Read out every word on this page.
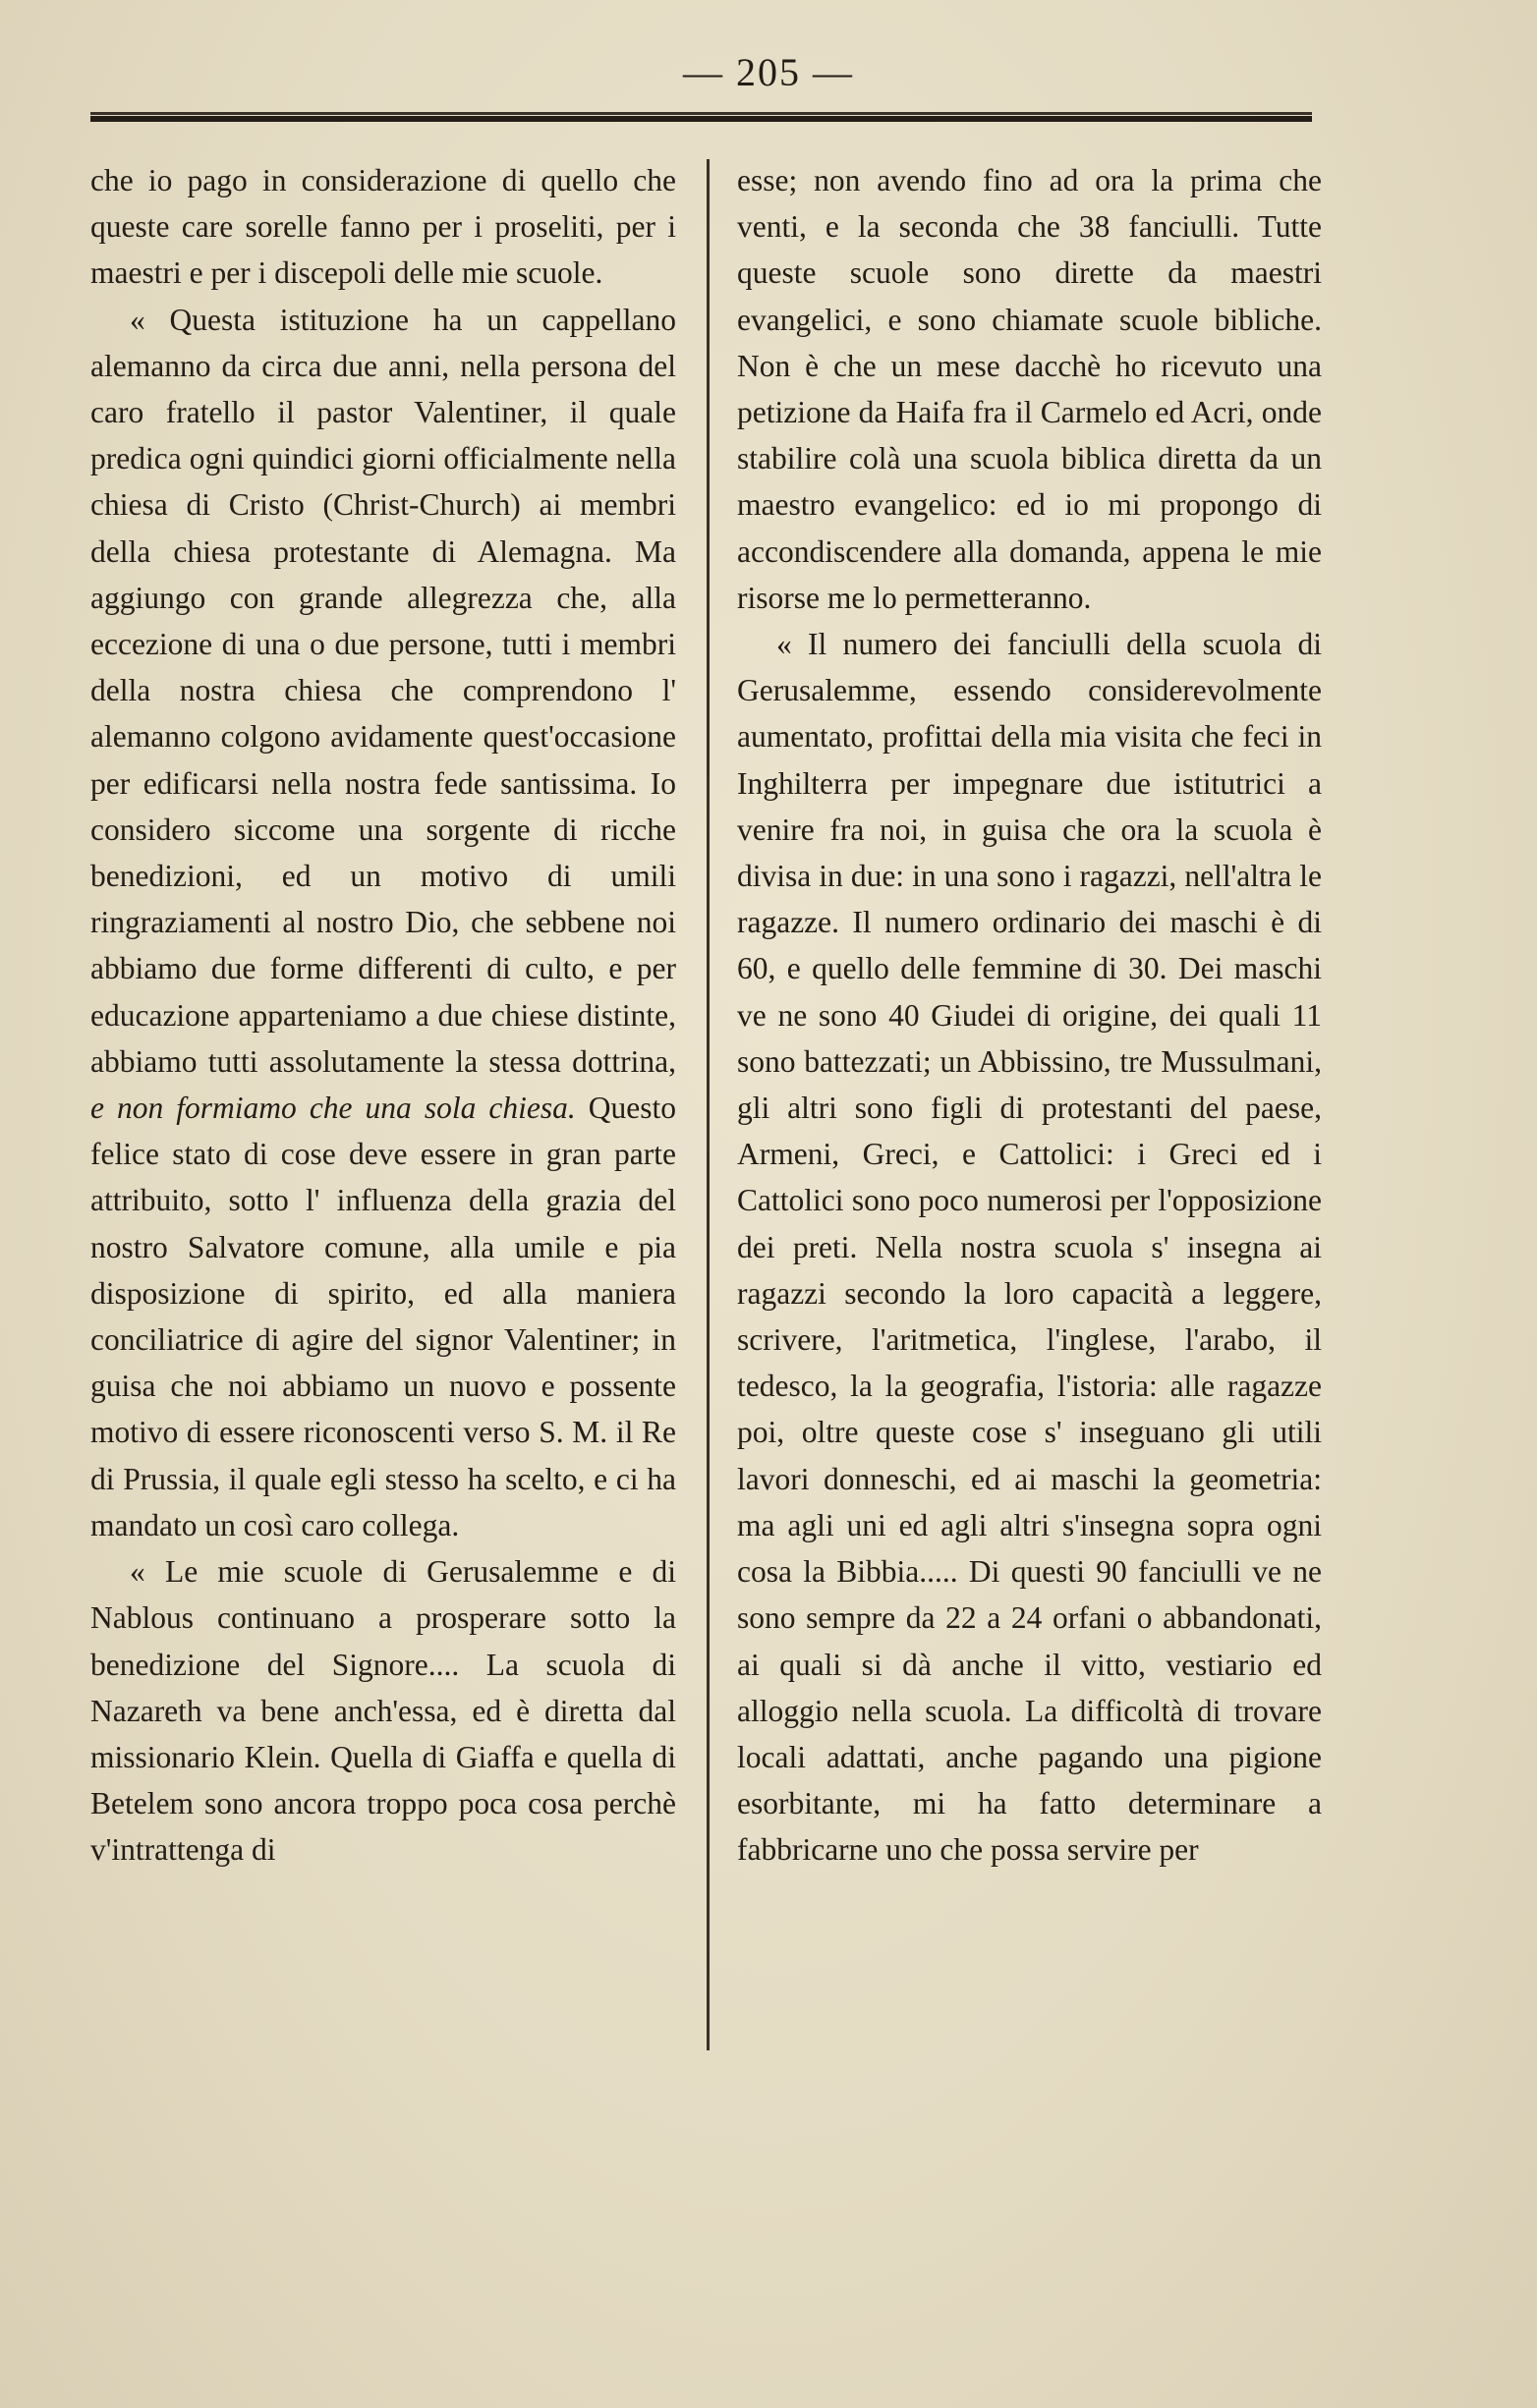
— 205 —

che io pago in considerazione di quello che queste care sorelle fanno per i proseliti, per i maestri e per i discepoli delle mie scuole.

« Questa istituzione ha un cappellano alemanno da circa due anni, nella persona del caro fratello il pastor Valentiner, il quale predica ogni quindici giorni officialmente nella chiesa di Cristo (Christ-Church) ai membri della chiesa protestante di Alemagna. Ma aggiungo con grande allegrezza che, alla eccezione di una o due persone, tutti i membri della nostra chiesa che comprendono l' alemanno colgono avidamente quest'occasione per edificarsi nella nostra fede santissima. Io considero siccome una sorgente di ricche benedizioni, ed un motivo di umili ringraziamenti al nostro Dio, che sebbene noi abbiamo due forme differenti di culto, e per educazione apparteniamo a due chiese distinte, abbiamo tutti assolutamente la stessa dottrina, e non formiamo che una sola chiesa. Questo felice stato di cose deve essere in gran parte attribuito, sotto l' influenza della grazia del nostro Salvatore comune, alla umile e pia disposizione di spirito, ed alla maniera conciliatrice di agire del signor Valentiner; in guisa che noi abbiamo un nuovo e possente motivo di essere riconoscenti verso S. M. il Re di Prussia, il quale egli stesso ha scelto, e ci ha mandato un così caro collega.

« Le mie scuole di Gerusalemme e di Nablous continuano a prosperare sotto la benedizione del Signore.... La scuola di Nazareth va bene anch'essa, ed è diretta dal missionario Klein. Quella di Giaffa e quella di Betelem sono ancora troppo poca cosa perchè v'intrattenga di

esse; non avendo fino ad ora la prima che venti, e la seconda che 38 fanciulli. Tutte queste scuole sono dirette da maestri evangelici, e sono chiamate scuole bibliche. Non è che un mese dacchè ho ricevuto una petizione da Haifa fra il Carmelo ed Acri, onde stabilire colà una scuola biblica diretta da un maestro evangelico: ed io mi propongo di accondiscendere alla domanda, appena le mie risorse me lo permetteranno.

« Il numero dei fanciulli della scuola di Gerusalemme, essendo considerevolmente aumentato, profittai della mia visita che feci in Inghilterra per impegnare due istitutrici a venire fra noi, in guisa che ora la scuola è divisa in due: in una sono i ragazzi, nell'altra le ragazze. Il numero ordinario dei maschi è di 60, e quello delle femmine di 30. Dei maschi ve ne sono 40 Giudei di origine, dei quali 11 sono battezzati; un Abbissino, tre Mussulmani, gli altri sono figli di protestanti del paese, Armeni, Greci, e Cattolici: i Greci ed i Cattolici sono poco numerosi per l'opposizione dei preti. Nella nostra scuola s' insegna ai ragazzi secondo la loro capacità a leggere, scrivere, l'aritmetica, l'inglese, l'arabo, il tedesco, la la geografia, l'istoria: alle ragazze poi, oltre queste cose s' inseguano gli utili lavori donneschi, ed ai maschi la geometria: ma agli uni ed agli altri s'insegna sopra ogni cosa la Bibbia..... Di questi 90 fanciulli ve ne sono sempre da 22 a 24 orfani o abbandonati, ai quali si dà anche il vitto, vestiario ed alloggio nella scuola. La difficoltà di trovare locali adattati, anche pagando una pigione esorbitante, mi ha fatto determinare a fabbricarne uno che possa servire per
